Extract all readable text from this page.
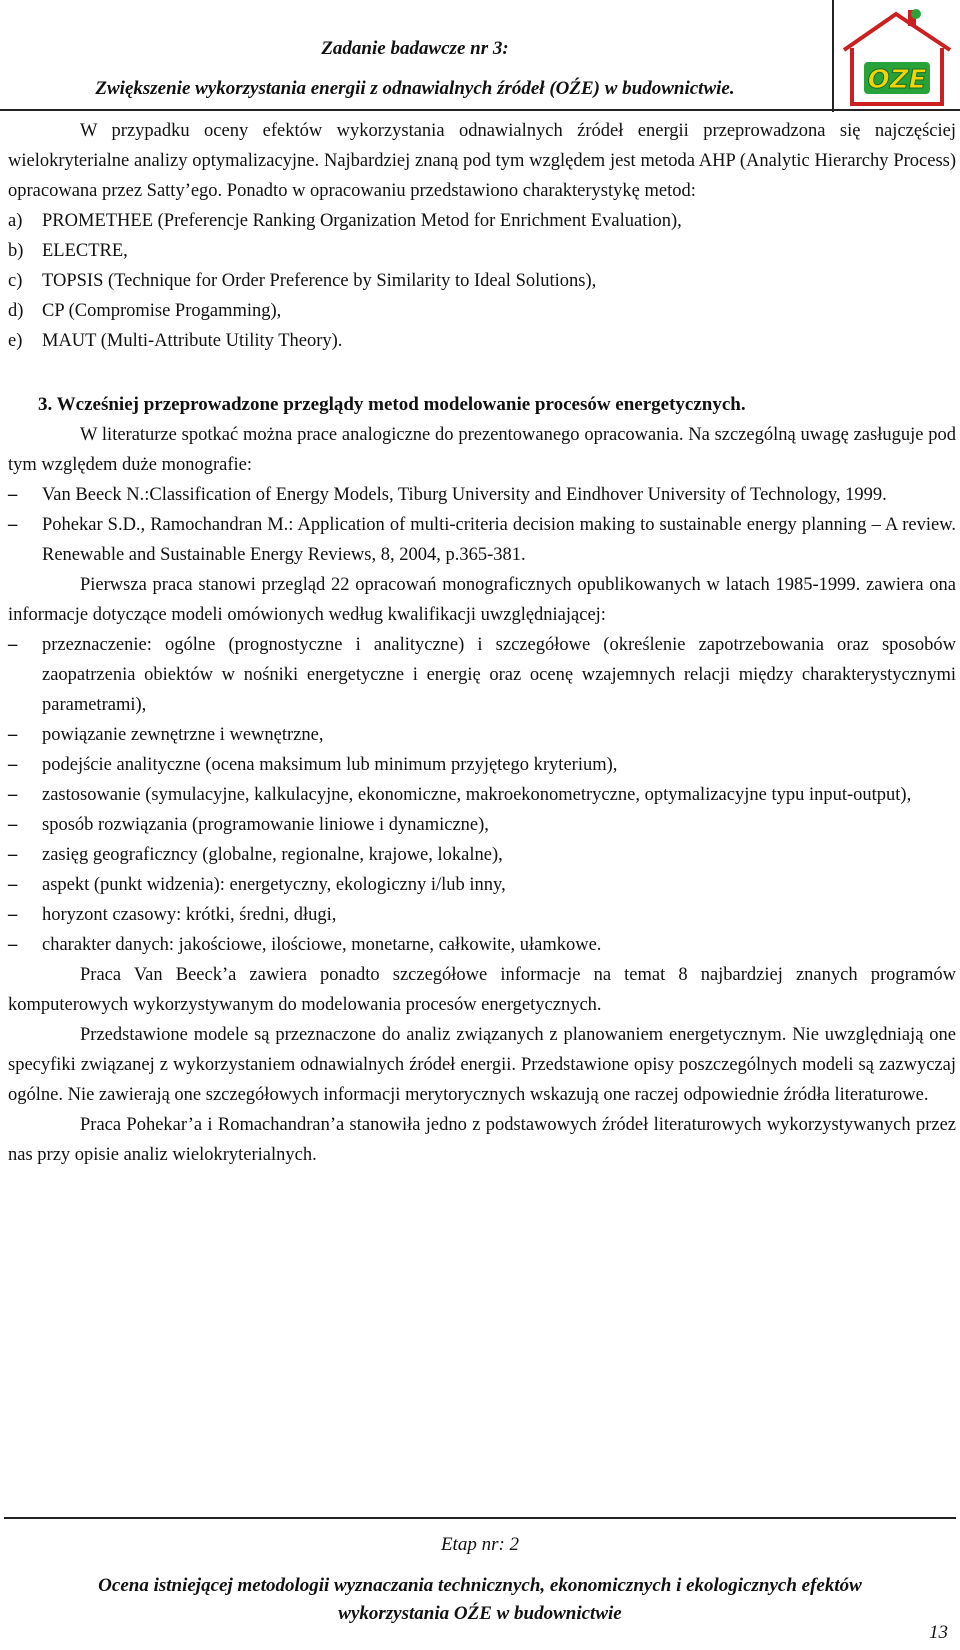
Zadanie badawcze nr 3:
Zwiększenie wykorzystania energii z odnawialnych źródeł (OŹE) w budownictwie.	OZE

W przypadku oceny efektów wykorzystania odnawialnych źródeł energii przeprowadzona się najczęściej wielokryterialne analizy optymalizacyjne. Najbardziej znaną pod tym względem jest metoda AHP (Analytic Hierarchy Process) opracowana przez Satty’ego. Ponadto w opracowaniu przedstawiono charakterystykę metod:

a)	PROMETHEE (Preferencje Ranking Organization Metod for Enrichment Evaluation),
b)	ELECTRE,
c)	TOPSIS (Technique for Order Preference by Similarity to Ideal Solutions),
d)	CP (Compromise Progamming),
e)	MAUT (Multi-Attribute Utility Theory).
3. Wcześniej przeprowadzone przeglądy metod modelowanie procesów energetycznych.

W literaturze spotkać można prace analogiczne do prezentowanego opracowania. Na szczególną uwagę zasługuje pod tym względem duże monografie:

–	Van Beeck N.:Classification of Energy Models, Tiburg University and Eindhover University of Technology, 1999.
–	Pohekar S.D., Ramochandran M.: Application of multi-criteria decision making to sustainable energy planning – A review. Renewable and Sustainable Energy Reviews, 8, 2004, p.365-381.

Pierwsza praca stanowi przegląd 22 opracowań monograficznych opublikowanych w latach 1985-1999. zawiera ona informacje dotyczące modeli omówionych według kwalifikacji uwzględniającej:

–	przeznaczenie: ogólne (prognostyczne i analityczne) i szczegółowe (określenie zapotrzebowania oraz sposobów zaopatrzenia obiektów w nośniki energetyczne i energię oraz ocenę wzajemnych relacji między charakterystycznymi parametrami),
–	powiązanie zewnętrzne i wewnętrzne,
–	podejście analityczne (ocena maksimum lub minimum przyjętego kryterium),
–	zastosowanie (symulacyjne, kalkulacyjne, ekonomiczne, makroekonometryczne, optymalizacyjne typu input-output),
–	sposób rozwiązania (programowanie liniowe i dynamiczne),
–	zasięg geograficzncy (globalne, regionalne, krajowe, lokalne),
–	aspekt (punkt widzenia): energetyczny, ekologiczny i/lub inny,
–	horyzont czasowy: krótki, średni, długi,
–	charakter danych: jakościowe, ilościowe, monetarne, całkowite, ułamkowe.

Praca Van Beeck’a zawiera ponadto szczegółowe informacje na temat 8 najbardziej znanych programów komputerowych wykorzystywanym do modelowania procesów energetycznych.

Przedstawione modele są przeznaczone do analiz związanych z planowaniem energetycznym. Nie uwzględniają one specyfiki związanej z wykorzystaniem odnawialnych źródeł energii. Przedstawione opisy poszczególnych modeli są zazwyczaj ogólne. Nie zawierają one szczegółowych informacji merytorycznych wskazują one raczej odpowiednie źródła literaturowe.

Praca Pohekar’a i Romachandran’a stanowiła jedno z podstawowych źródeł literaturowych wykorzystywanych przez nas przy opisie analiz wielokryterialnych.

Etap nr: 2
Ocena istniejącej metodologii wyznaczania technicznych, ekonomicznych i ekologicznych efektów
wykorzystania OŹE w budownictwie
13
